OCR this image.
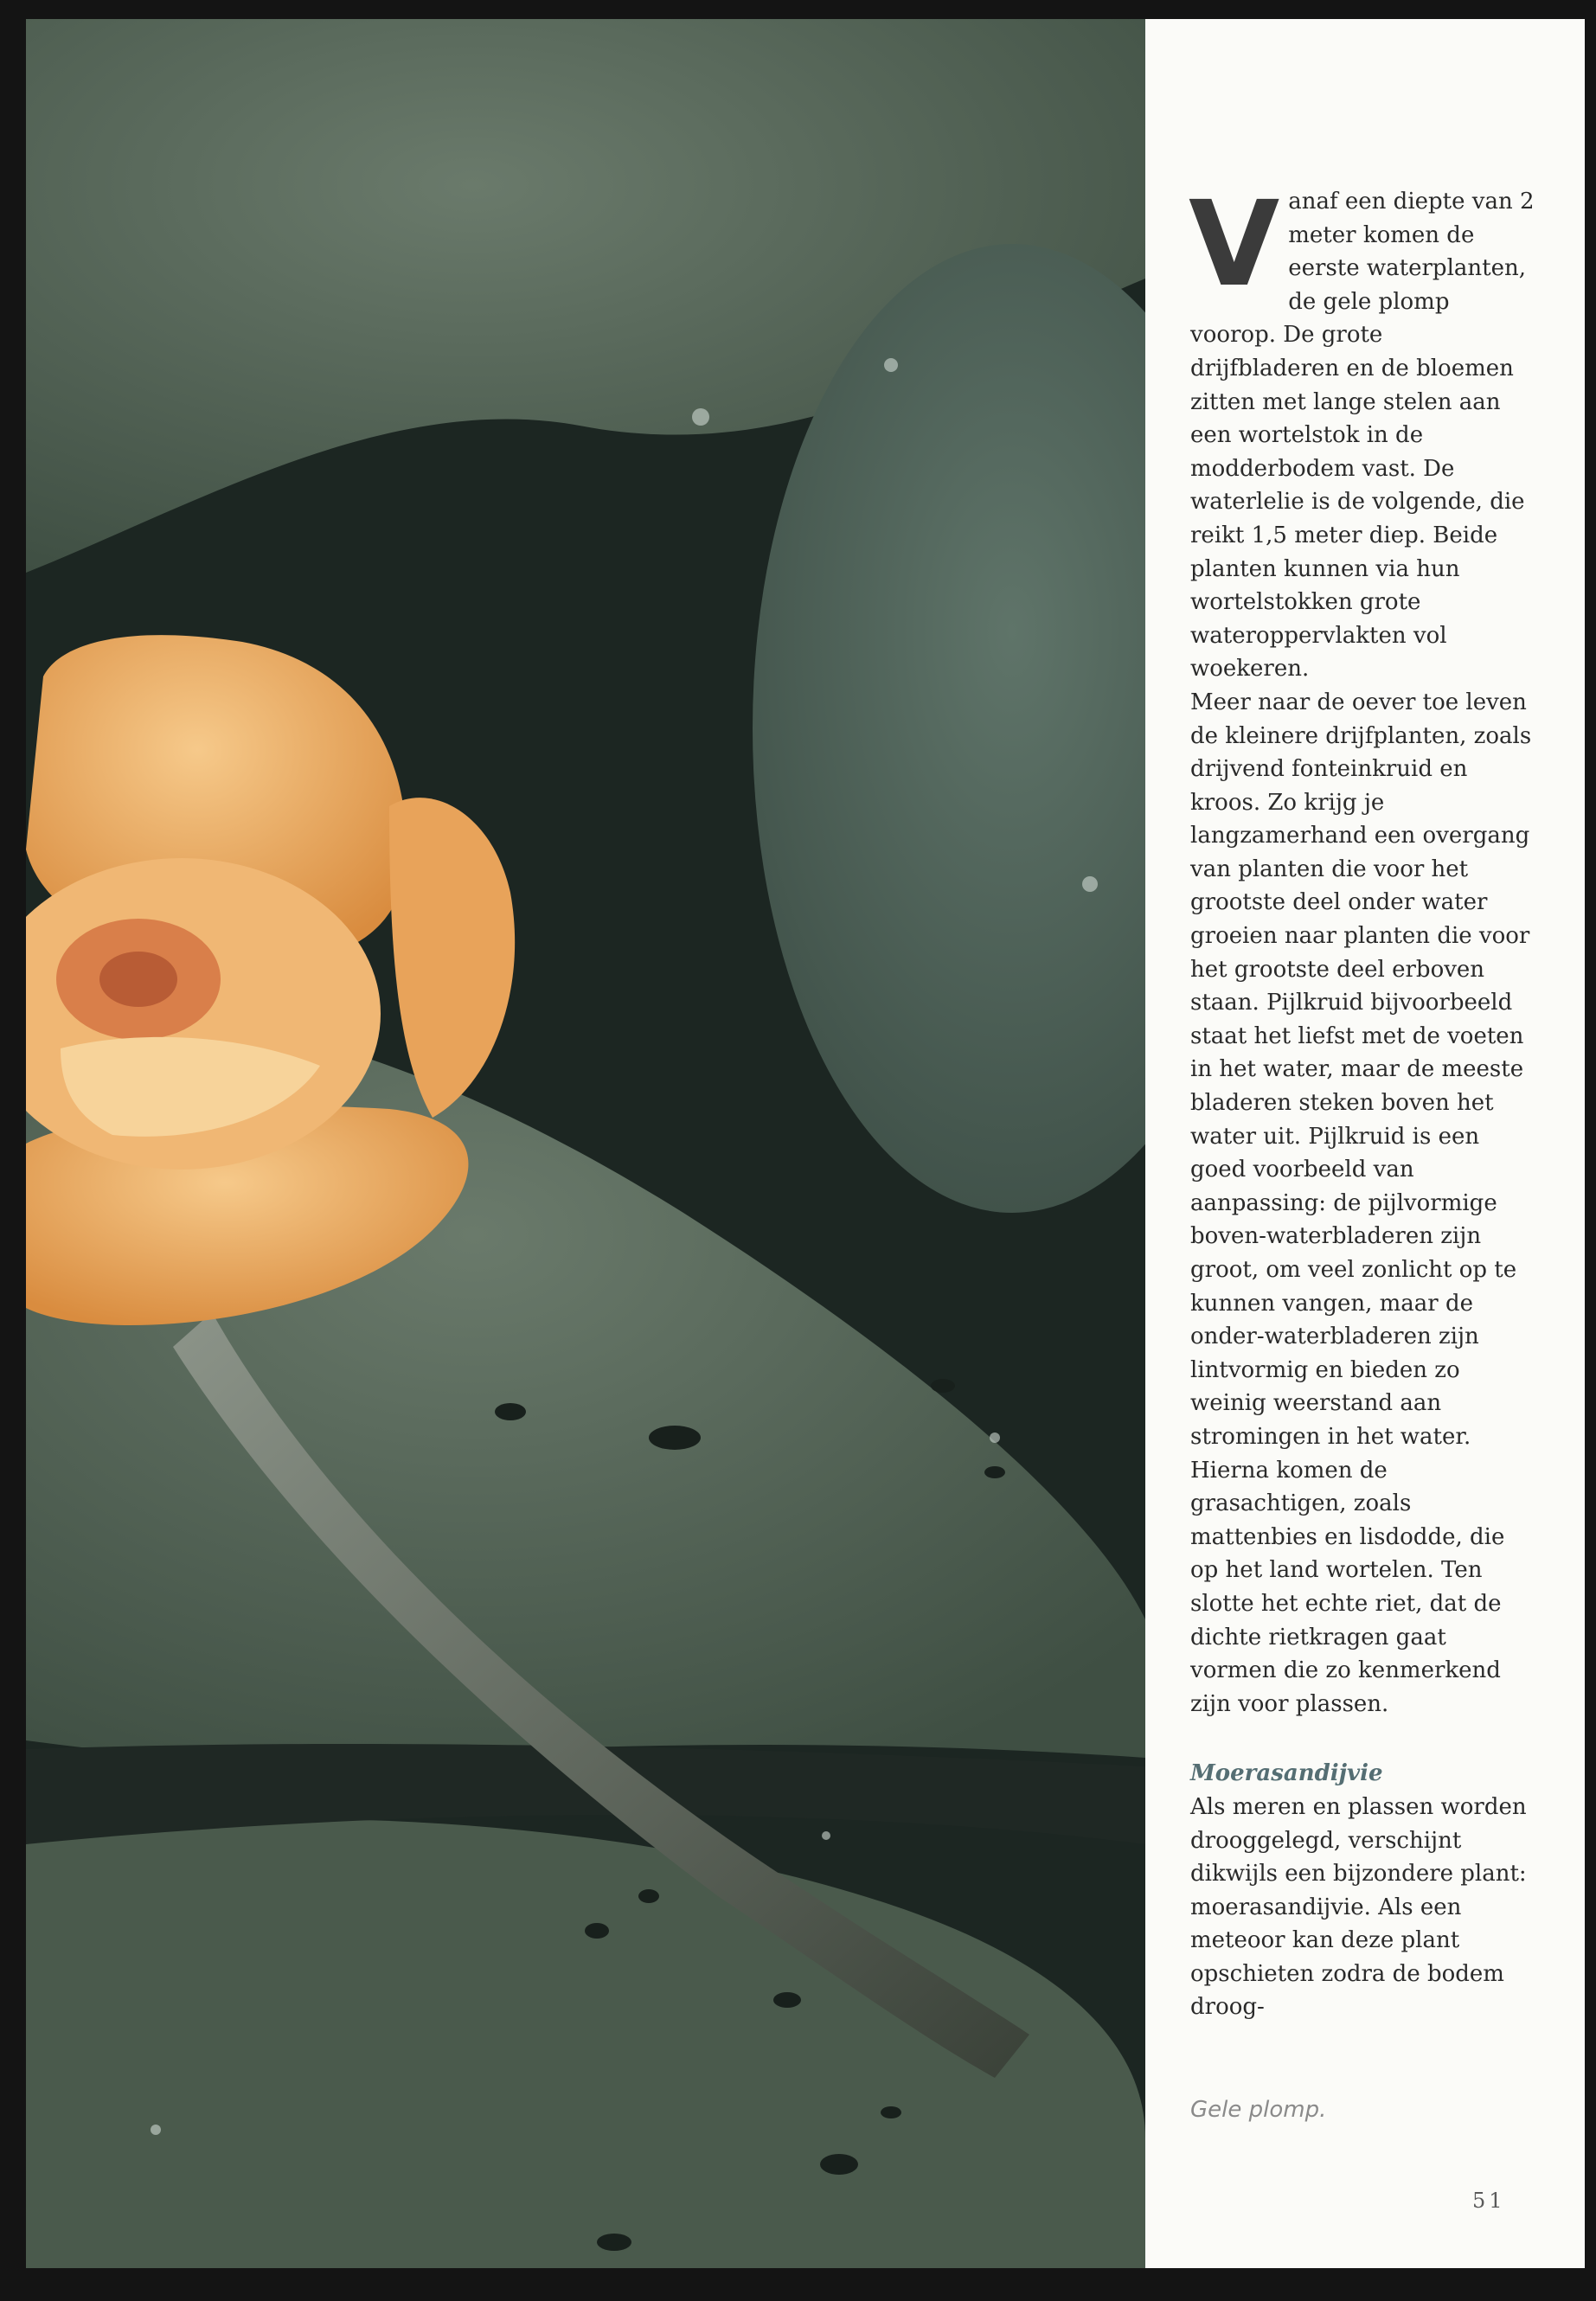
Vanaf een diepte van 2 meter komen de eerste waterplanten, de gele plomp voorop. De grote drijfbladeren en de bloemen zitten met lange stelen aan een wortelstok in de modderbodem vast. De waterlelie is de volgende, die reikt 1,5 meter diep. Beide planten kunnen via hun wortelstokken grote wateroppervlakten vol woekeren.

Meer naar de oever toe leven de kleinere drijfplanten, zoals drijvend fonteinkruid en kroos. Zo krijg je langzamerhand een overgang van planten die voor het grootste deel onder water groeien naar planten die voor het grootste deel erboven staan. Pijlkruid bijvoorbeeld staat het liefst met de voeten in het water, maar de meeste bladeren steken boven het water uit. Pijlkruid is een goed voorbeeld van aanpassing: de pijlvormige boven-waterbladeren zijn groot, om veel zonlicht op te kunnen vangen, maar de onder-waterbladeren zijn lintvormig en bieden zo weinig weerstand aan stromingen in het water.

Hierna komen de grasachtigen, zoals mattenbies en lisdodde, die op het land wortelen. Ten slotte het echte riet, dat de dichte rietkragen gaat vormen die zo kenmerkend zijn voor plassen.

Moerasandijvie

Als meren en plassen worden drooggelegd, verschijnt dikwijls een bijzondere plant: moerasandijvie. Als een meteoor kan deze plant opschieten zodra de bodem droog-

Gele plomp.
51
